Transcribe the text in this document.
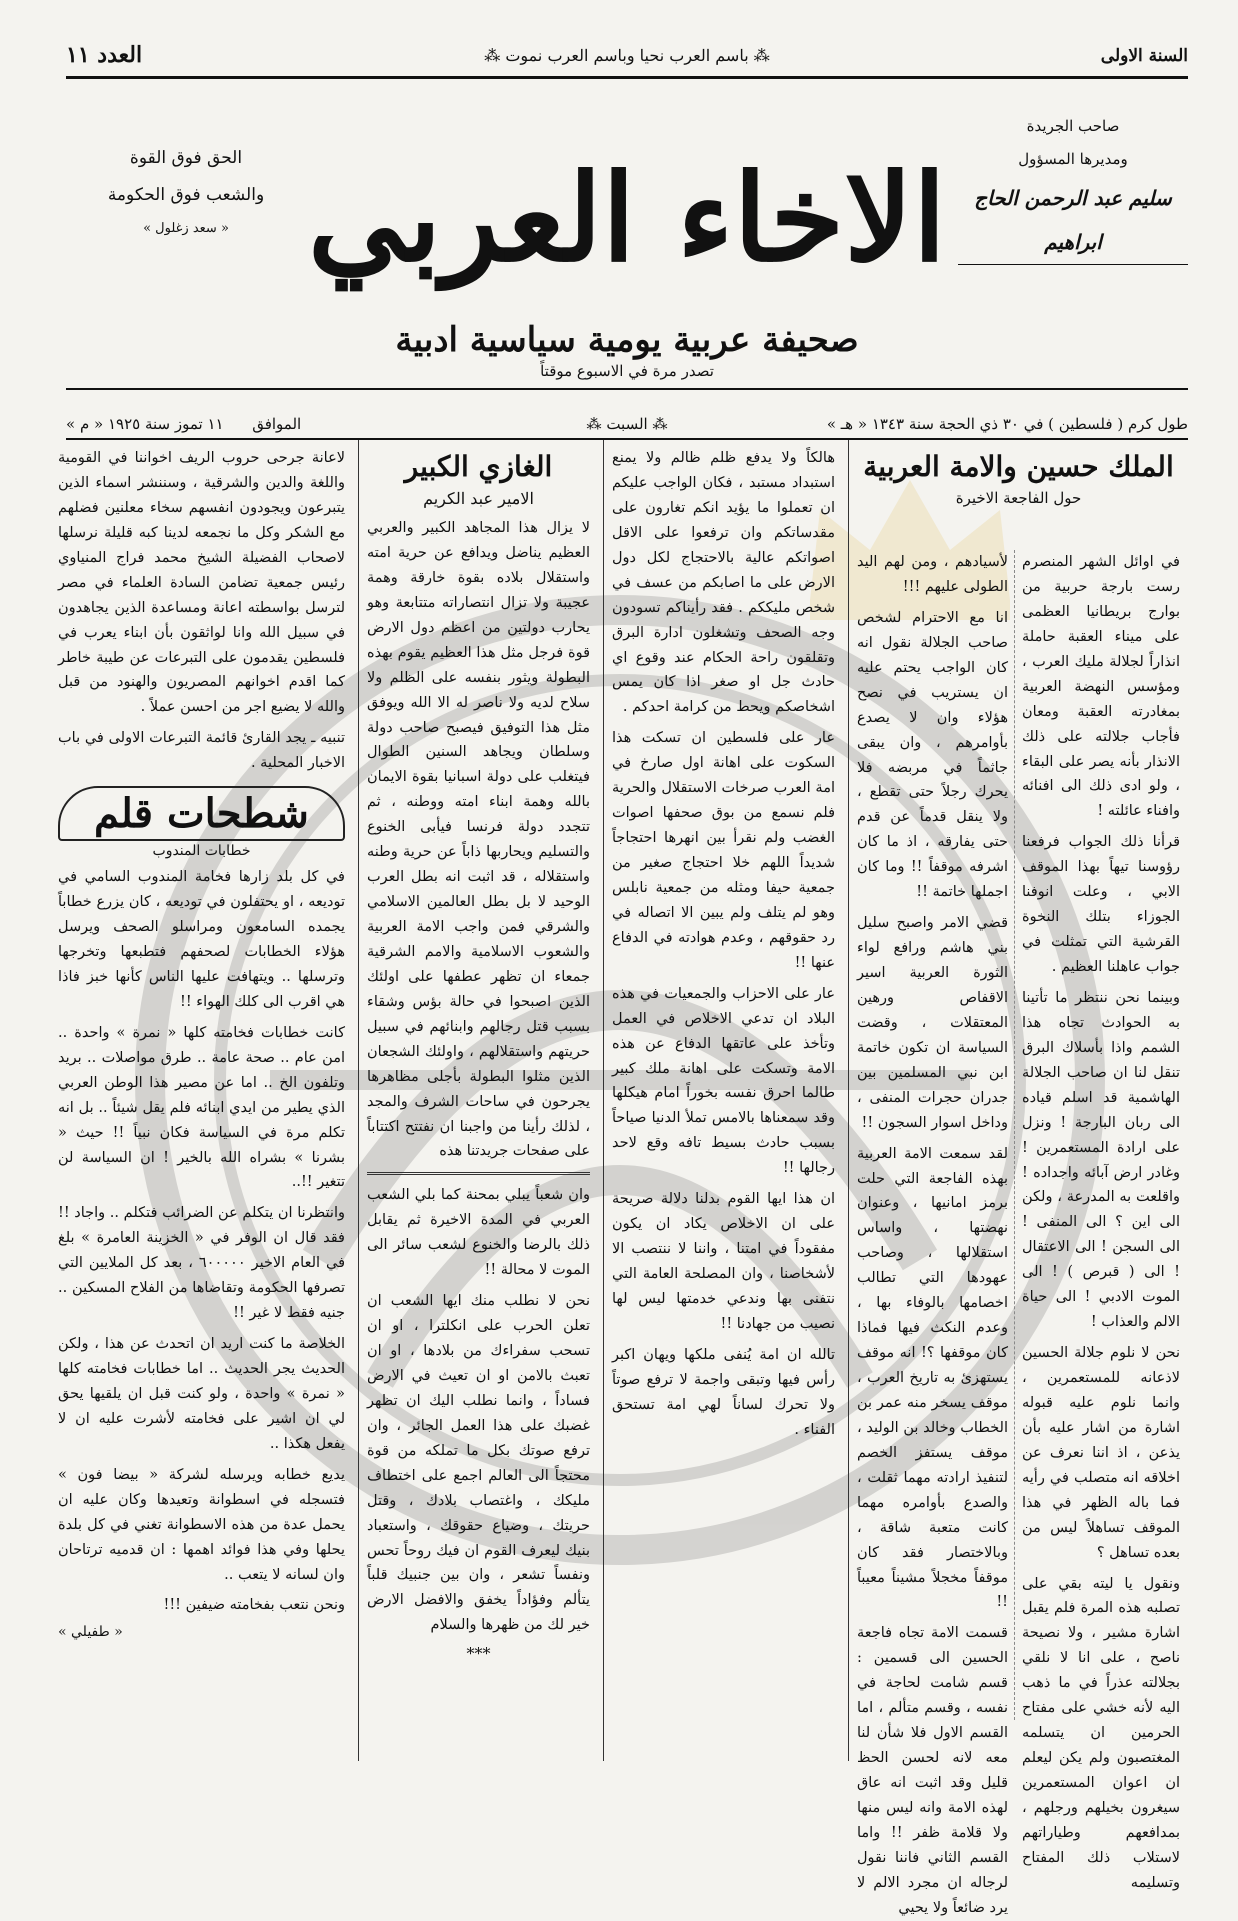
السنة الاولى
⁂ باسم العرب نحيا وباسم العرب نموت ⁂
العدد ١١
صاحب الجريدة
ومديرها المسؤول
سليم عبد الرحمن الحاج ابراهيم
الاخاء العربي
صحيفة عربية يومية سياسية ادبية
تصدر مرة في الاسبوع موقتاً
الحق فوق القوة
والشعب فوق الحكومة
« سعد زغلول »
طول كرم ( فلسطين ) في ٣٠ ذي الحجة سنة ١٣٤٣ « هـ »
⁂ السبت ⁂
الموافق      ١١ تموز سنة ١٩٢٥ « م »
الملك حسين والامة العربية
حول الفاجعة الاخيرة

في اوائل الشهر المنصرم رست بارجة حربية من بوارج بريطانيا العظمى على ميناء العقبة حاملة انذاراً لجلالة مليك العرب ، ومؤسس النهضة العربية بمغادرته العقبة ومعان فأجاب جلالته على ذلك الانذار بأنه يصر على البقاء ، ولو ادى ذلك الى افنائه وافناء عائلته !

قرأنا ذلك الجواب فرفعنا رؤوسنا تيهاً بهذا الموقف الابي ، وعلت انوفنا الجوزاء بتلك النخوة القرشية التي تمثلت في جواب عاهلنا العظيم .

وبينما نحن ننتظر ما تأتينا به الحوادث تجاه هذا الشمم واذا بأسلاك البرق تنقل لنا ان صاحب الجلالة الهاشمية قد اسلم قياده الى ربان البارجة ! ونزل على ارادة المستعمرين ! وغادر ارض آبائه واجداده ! واقلعت به المدرعة ، ولكن الى اين ؟ الى المنفى ! الى السجن ! الى الاعتقال ! الى ( قبرص ) ! الى الموت الادبي ! الى حياة الالم والعذاب !

نحن لا نلوم جلالة الحسين لاذعانه للمستعمرين ، وانما نلوم عليه قبوله اشارة من اشار عليه بأن يذعن ، اذ اننا نعرف عن اخلاقه انه متصلب في رأيه فما باله الظهر في هذا الموقف تساهلاً ليس من بعده تساهل ؟

ونقول يا ليته بقي على تصلبه هذه المرة فلم يقبل اشارة مشير ، ولا نصيحة ناصح ، على انا لا نلقي بجلالته عذراً في ما ذهب اليه لأنه خشي على مفتاح الحرمين ان يتسلمه المغتصبون ولم يكن ليعلم ان اعوان المستعمرين سيغرون بخيلهم ورجلهم ، بمدافعهم وطياراتهم لاستلاب ذلك المفتاح وتسليمه

لأسيادهم ، ومن لهم اليد الطولى عليهم !!!

انا مع الاحترام لشخص صاحب الجلالة نقول انه كان الواجب يحتم عليه ان يستريب في نصح هؤلاء وان لا يصدع بأوامرهم ، وان يبقى جاثماً في مربضه فلا يحرك رجلاً حتى تقطع ، ولا ينقل قدماً عن قدم حتى يفارقه ، اذ ما كان اشرفه موقفاً !! وما كان اجملها خاتمة !!

قضي الامر واصبح سليل بني هاشم ورافع لواء الثورة العربية اسير الاقفاص ورهين المعتقلات ، وقضت السياسة ان تكون خاتمة ابن نبي المسلمين بين جدران حجرات المنفى ، وداخل اسوار السجون !!

لقد سمعت الامة العربية بهذه الفاجعة التي حلت برمز امانيها ، وعنوان نهضتها ، واساس استقلالها ، وصاحب عهودها التي تطالب اخصامها بالوفاء بها ، وعدم النكث فيها فماذا كان موقفها ؟! انه موقف يستهزئ به تاريخ العرب ، موقف يسخر منه عمر بن الخطاب وخالد بن الوليد ، موقف يستفز الخصم لتنفيذ ارادته مهما ثقلت ، والصدع بأوامره مهما كانت متعبة شاقة ، وبالاختصار فقد كان موقفاً مخجلاً مشيناً معيباً !!

قسمت الامة تجاه فاجعة الحسين الى قسمين : قسم شامت لحاجة في نفسه ، وقسم متألم ، اما القسم الاول فلا شأن لنا معه لانه لحسن الحظ قليل وقد اثبت انه عاق لهذه الامة وانه ليس منها ولا قلامة ظفر !! واما القسم الثاني فاننا نقول لرجاله ان مجرد الالم لا يرد ضائعاً ولا يحيي

هالكاً ولا يدفع ظلم ظالم ولا يمنع استبداد مستبد ، فكان الواجب عليكم ان تعملوا ما يؤيد انكم تغارون على مقدساتكم وان ترفعوا على الاقل اصواتكم عالية بالاحتجاج لكل دول الارض على ما اصابكم من عسف في شخص مليككم . فقد رأيناكم تسودون وجه الصحف وتشغلون ادارة البرق وتقلقون راحة الحكام عند وقوع اي حادث جل او صغر اذا كان يمس اشخاصكم ويحط من كرامة احدكم .

عار على فلسطين ان تسكت هذا السكوت على اهانة اول صارخ في امة العرب صرخات الاستقلال والحرية فلم نسمع من بوق صحفها اصوات الغضب ولم نقرأ بين انهرها احتجاجاً شديداً اللهم خلا احتجاج صغير من جمعية حيفا ومثله من جمعية نابلس وهو لم يتلف ولم يبين الا اتصاله في رد حقوقهم ، وعدم هوادته في الدفاع عنها !!

عار على الاحزاب والجمعيات في هذه البلاد ان تدعي الاخلاص في العمل وتأخذ على عاتقها الدفاع عن هذه الامة وتسكت على اهانة ملك كبير طالما احرق نفسه بخوراً امام هيكلها وقد سمعناها بالامس تملأ الدنيا صياحاً بسبب حادث بسيط تافه وقع لاحد رجالها !!

ان هذا ايها القوم بدلنا دلالة صريحة على ان الاخلاص يكاد ان يكون مفقوداً في امتنا ، واننا لا ننتصب الا لأشخاصنا ، وان المصلحة العامة التي نتفنى بها وندعي خدمتها ليس لها نصيب من جهادنا !!

تالله ان امة يُنفى ملكها ويهان اكبر رأس فيها وتبقى واجمة لا ترفع صوتاً ولا تحرك لساناً لهي امة تستحق الفناء .

الغازي الكبير
الامير عبد الكريم

لا يزال هذا المجاهد الكبير والعربي العظيم يناضل ويدافع عن حرية امته واستقلال بلاده بقوة خارقة وهمة عجيبة ولا تزال انتصاراته متتابعة وهو يحارب دولتين من اعظم دول الارض قوة فرجل مثل هذا العظيم يقوم بهذه البطولة ويثور بنفسه على الظلم ولا سلاح لديه ولا ناصر له الا الله ويوفق مثل هذا التوفيق فيصبح صاحب دولة وسلطان ويجاهد السنين الطوال فيتغلب على دولة اسبانيا بقوة الايمان بالله وهمة ابناء امته ووطنه ، ثم تتجدد دولة فرنسا فيأبى الخنوع والتسليم ويحاربها ذاباً عن حرية وطنه واستقلاله ، قد اثبت انه بطل العرب الوحيد لا بل بطل العالمين الاسلامي والشرقي فمن واجب الامة العربية والشعوب الاسلامية والامم الشرقية جمعاء ان تظهر عطفها على اولئك الذين اصبحوا في حالة بؤس وشقاء بسبب قتل رجالهم وابنائهم في سبيل حريتهم واستقلالهم ، واولئك الشجعان الذين مثلوا البطولة بأجلى مظاهرها يجرحون في ساحات الشرف والمجد ، لذلك رأينا من واجبنا ان نفتتح اكتتاباً على صفحات جريدتنا هذه

وان شعباً يبلي بمحنة كما بلي الشعب العربي في المدة الاخيرة ثم يقابل ذلك بالرضا والخنوع لشعب سائر الى الموت لا محالة !!

نحن لا نطلب منك ايها الشعب ان تعلن الحرب على انكلترا ، او ان تسحب سفراءك من بلادها ، او ان تعبث بالامن او ان تعيث في الارض فساداً ، وانما نطلب اليك ان تظهر غضبك على هذا العمل الجائر ، وان ترفع صوتك بكل ما تملكه من قوة محتجاً الى العالم اجمع على اختطاف مليكك ، واغتصاب بلادك ، وقتل حريتك ، وضياع حقوقك ، واستعباد بنيك ليعرف القوم ان فيك روحاً تحس ونفساً تشعر ، وان بين جنبيك قلباً يتألم وفؤاداً يخفق والافضل الارض خير لك من ظهرها والسلام

***

لاعانة جرحى حروب الريف اخواننا في القومية واللغة والدين والشرقية ، وسننشر اسماء الذين يتبرعون ويجودون انفسهم سخاء معلنين فضلهم مع الشكر وكل ما نجمعه لدينا كبه قليلة نرسلها لاصحاب الفضيلة الشيخ محمد فراج المنياوي رئيس جمعية تضامن السادة العلماء في مصر لترسل بواسطته اعانة ومساعدة الذين يجاهدون في سبيل الله وانا لواثقون بأن ابناء يعرب في فلسطين يقدمون على التبرعات عن طيبة خاطر كما اقدم اخوانهم المصريون والهنود من قبل والله لا يضيع اجر من احسن عملاً .

تنبيه ـ يجد القارئ قائمة التبرعات الاولى في باب الاخبار المحلية .

شطحات قلم
خطابات المندوب

في كل بلد زارها فخامة المندوب السامي في توديعه ، او يحتفلون في توديعه ، كان يزرع خطاباً يجمده السامعون ومراسلو الصحف ويرسل هؤلاء الخطابات لصحفهم فتطبعها وتخرجها وترسلها .. ويتهافت عليها الناس كأنها خبز فاذا هي اقرب الى كلك الهواء !!

كانت خطابات فخامته كلها « نمرة » واحدة .. امن عام .. صحة عامة .. طرق مواصلات .. بريد وتلفون الخ .. اما عن مصير هذا الوطن العربي الذي يطير من ايدي ابنائه فلم يقل شيئاً .. بل انه تكلم مرة في السياسة فكان نبياً !! حيث « بشرنا » بشراه الله بالخير ! ان السياسة لن تتغير !!..

وانتظرنا ان يتكلم عن الضرائب فتكلم .. واجاد !! فقد قال ان الوفر في « الخزينة العامرة » بلغ في العام الاخير ٦٠٠٠٠٠ ، بعد كل الملايين التي تصرفها الحكومة وتقاضاها من الفلاح المسكين .. جنيه فقط لا غير !!

الخلاصة ما كنت اريد ان اتحدث عن هذا ، ولكن الحديث يجر الحديث .. اما خطابات فخامته كلها « نمرة » واحدة ، ولو كنت قبل ان يلقيها يحق لي ان اشير على فخامته لأشرت عليه ان لا يفعل هكذا ..

يديع خطابه ويرسله لشركة « بيضا فون » فتسجله في اسطوانة وتعيدها وكان عليه ان يحمل عدة من هذه الاسطوانة تغني في كل بلدة يحلها وفي هذا فوائد اهمها : ان قدميه ترتاحان وان لسانه لا يتعب ..

ونحن نتعب بفخامته ضيفين !!!

« طفيلي »
